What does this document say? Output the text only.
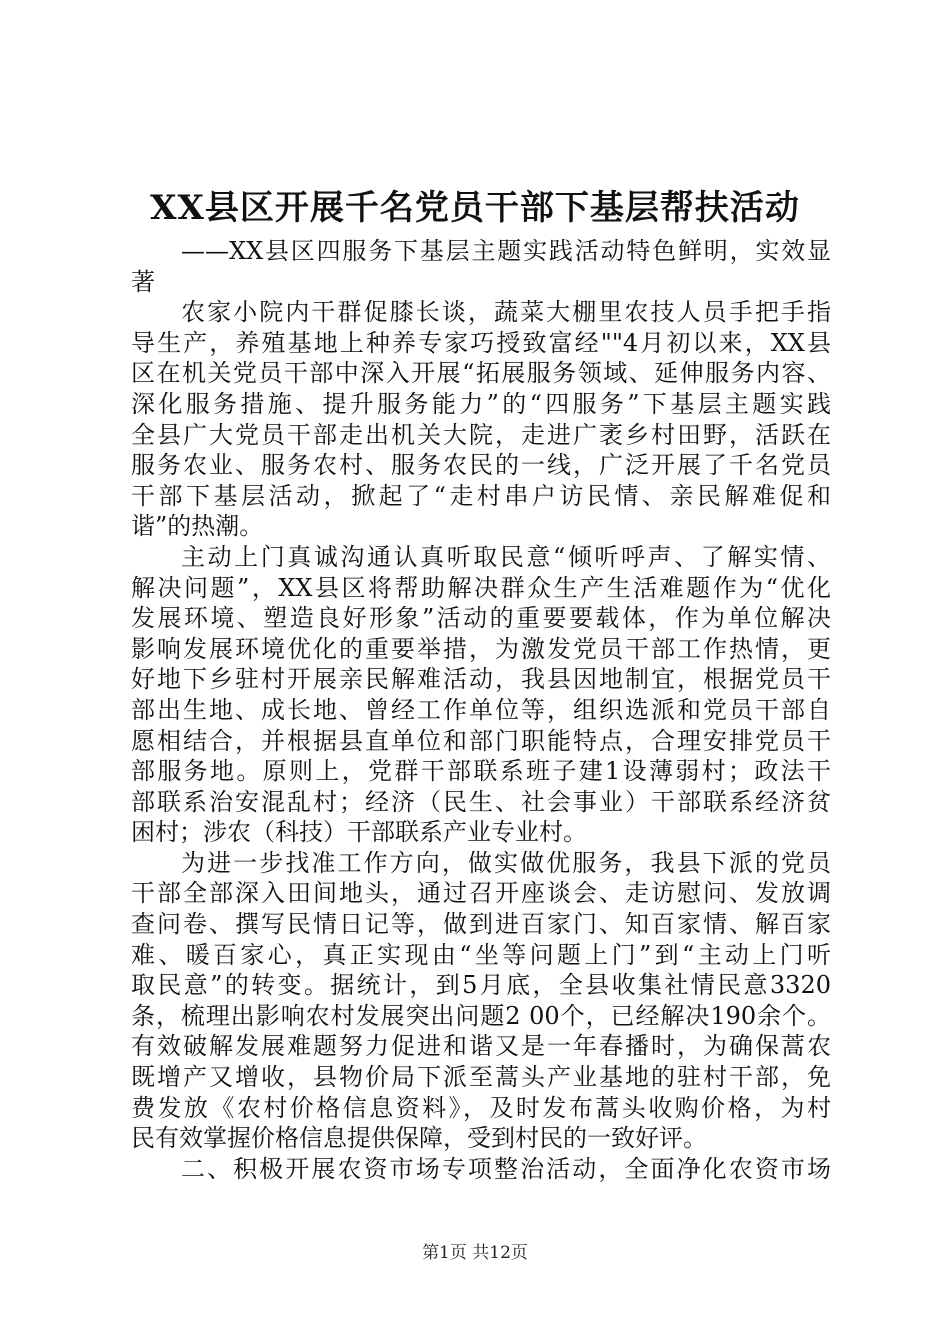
XX县区开展千名党员干部下基层帮扶活动
——XX县区四服务下基层主题实践活动特色鲜明，实效显
著
农家小院内干群促膝长谈，蔬菜大棚里农技人员手把手指
导生产，养殖基地上种养专家巧授致富经""4月初以来，XX县
区在机关党员干部中深入开展“拓展服务领域、延伸服务内容、
深化服务措施、提升服务能力”的“四服务”下基层主题实践
全县广大党员干部走出机关大院，走进广袤乡村田野，活跃在
服务农业、服务农村、服务农民的一线，广泛开展了千名党员
干部下基层活动，掀起了“走村串户访民情、亲民解难促和
谐”的热潮。
主动上门真诚沟通认真听取民意“倾听呼声、了解实情、
解决问题”，XX县区将帮助解决群众生产生活难题作为“优化
发展环境、塑造良好形象”活动的重要要载体，作为单位解决
影响发展环境优化的重要举措，为激发党员干部工作热情，更
好地下乡驻村开展亲民解难活动，我县因地制宜，根据党员干
部出生地、成长地、曾经工作单位等，组织选派和党员干部自
愿相结合，并根据县直单位和部门职能特点，合理安排党员干
部服务地。原则上，党群干部联系班子建1设薄弱村；政法干
部联系治安混乱村；经济（民生、社会事业）干部联系经济贫
困村；涉农（科技）干部联系产业专业村。
为进一步找准工作方向，做实做优服务，我县下派的党员
干部全部深入田间地头，通过召开座谈会、走访慰问、发放调
查问卷、撰写民情日记等，做到进百家门、知百家情、解百家
难、暖百家心，真正实现由“坐等问题上门”到“主动上门听
取民意”的转变。据统计，到5月底，全县收集社情民意3320
条，梳理出影响农村发展突出问题2 00个，已经解决190余个。
有效破解发展难题努力促进和谐又是一年春播时，为确保蒿农
既增产又增收，县物价局下派至蒿头产业基地的驻村干部，免
费发放《农村价格信息资料》，及时发布蒿头收购价格，为村
民有效掌握价格信息提供保障，受到村民的一致好评。
二、积极开展农资市场专项整治活动，全面净化农资市场
第1页 共12页
